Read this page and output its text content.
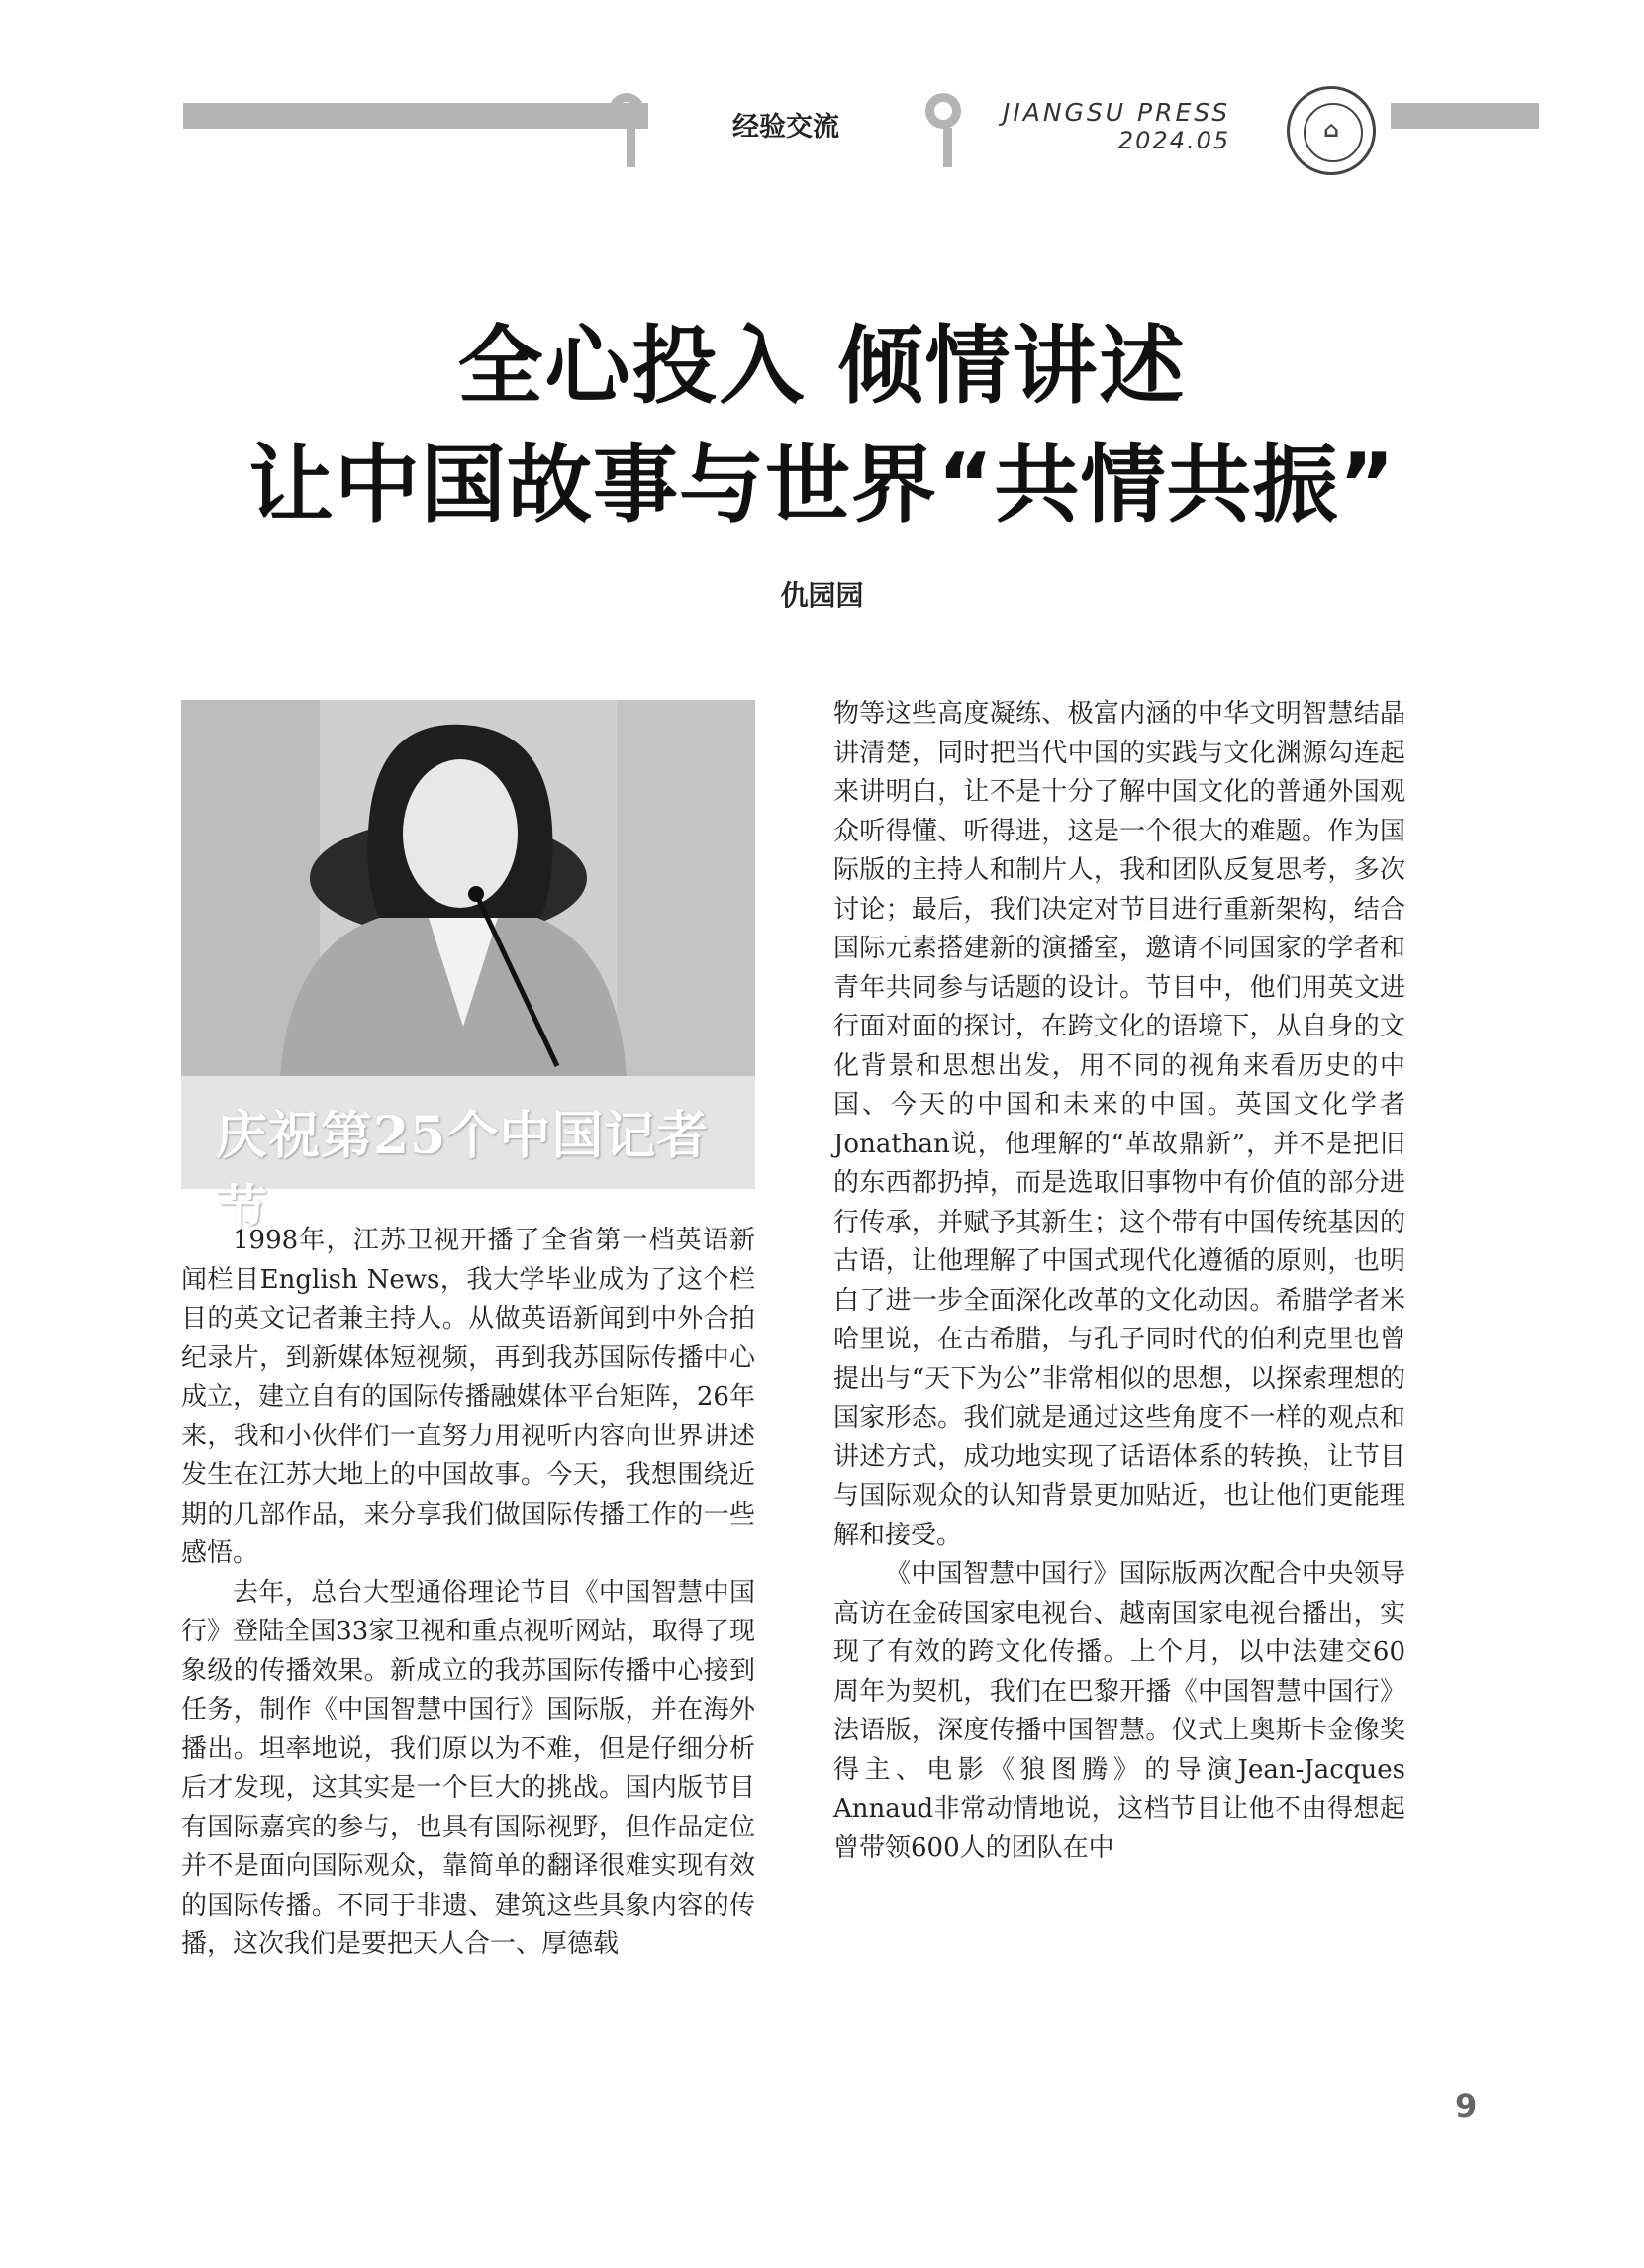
经验交流	JIANGSU PRESS
2024.05	⌂
全心投入 倾情讲述
让中国故事与世界“共情共振”
仇园园
庆祝第25个中国记者节

1998年，江苏卫视开播了全省第一档英语新闻栏目English News，我大学毕业成为了这个栏目的英文记者兼主持人。从做英语新闻到中外合拍纪录片，到新媒体短视频，再到我苏国际传播中心成立，建立自有的国际传播融媒体平台矩阵，26年来，我和小伙伴们一直努力用视听内容向世界讲述发生在江苏大地上的中国故事。今天，我想围绕近期的几部作品，来分享我们做国际传播工作的一些感悟。

去年，总台大型通俗理论节目《中国智慧中国行》登陆全国33家卫视和重点视听网站，取得了现象级的传播效果。新成立的我苏国际传播中心接到任务，制作《中国智慧中国行》国际版，并在海外播出。坦率地说，我们原以为不难，但是仔细分析后才发现，这其实是一个巨大的挑战。国内版节目有国际嘉宾的参与，也具有国际视野，但作品定位并不是面向国际观众，靠简单的翻译很难实现有效的国际传播。不同于非遗、建筑这些具象内容的传播，这次我们是要把天人合一、厚德载

物等这些高度凝练、极富内涵的中华文明智慧结晶讲清楚，同时把当代中国的实践与文化渊源勾连起来讲明白，让不是十分了解中国文化的普通外国观众听得懂、听得进，这是一个很大的难题。作为国际版的主持人和制片人，我和团队反复思考，多次讨论；最后，我们决定对节目进行重新架构，结合国际元素搭建新的演播室，邀请不同国家的学者和青年共同参与话题的设计。节目中，他们用英文进行面对面的探讨，在跨文化的语境下，从自身的文化背景和思想出发，用不同的视角来看历史的中国、今天的中国和未来的中国。英国文化学者Jonathan说，他理解的“革故鼎新”，并不是把旧的东西都扔掉，而是选取旧事物中有价值的部分进行传承，并赋予其新生；这个带有中国传统基因的古语，让他理解了中国式现代化遵循的原则，也明白了进一步全面深化改革的文化动因。希腊学者米哈里说，在古希腊，与孔子同时代的伯利克里也曾提出与“天下为公”非常相似的思想，以探索理想的国家形态。我们就是通过这些角度不一样的观点和讲述方式，成功地实现了话语体系的转换，让节目与国际观众的认知背景更加贴近，也让他们更能理解和接受。

《中国智慧中国行》国际版两次配合中央领导高访在金砖国家电视台、越南国家电视台播出，实现了有效的跨文化传播。上个月，以中法建交60周年为契机，我们在巴黎开播《中国智慧中国行》法语版，深度传播中国智慧。仪式上奥斯卡金像奖得主、电影《狼图腾》的导演Jean-Jacques Annaud非常动情地说，这档节目让他不由得想起曾带领600人的团队在中

9
